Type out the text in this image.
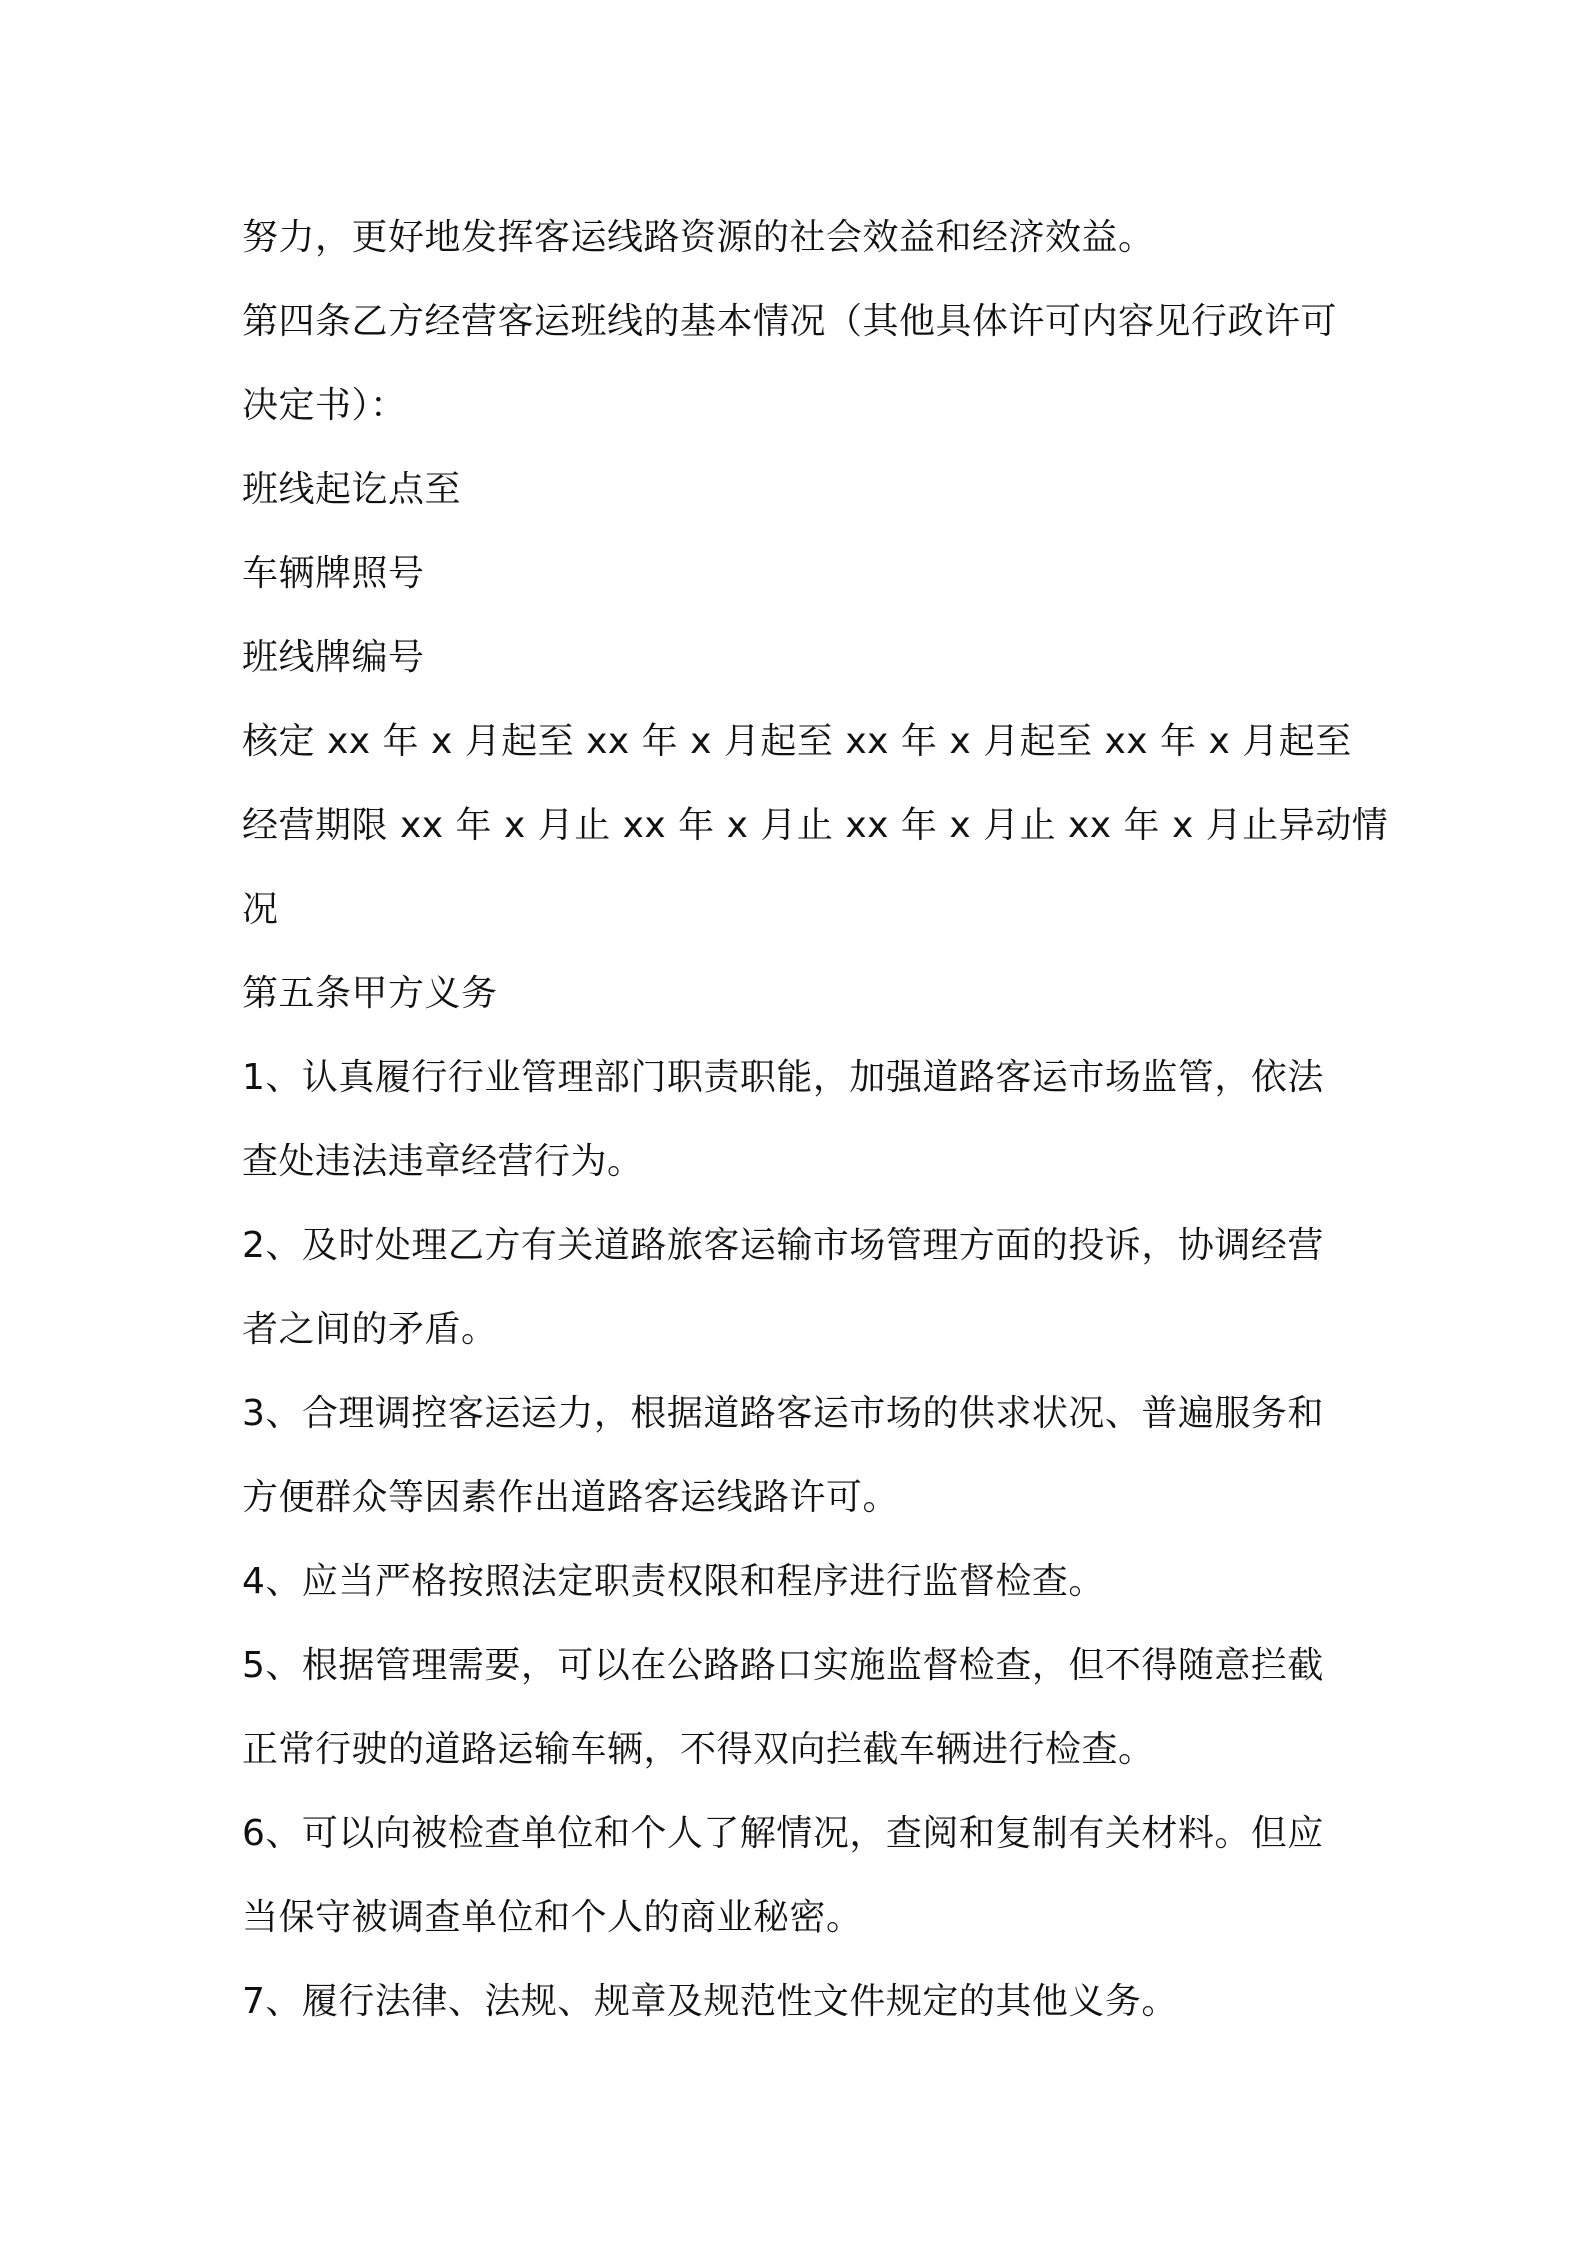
努力，更好地发挥客运线路资源的社会效益和经济效益。
第四条乙方经营客运班线的基本情况（其他具体许可内容见行政许可
决定书）：
班线起讫点至
车辆牌照号
班线牌编号
核定 xx 年 x 月起至 xx 年 x 月起至 xx 年 x 月起至 xx 年 x 月起至
经营期限 xx 年 x 月止 xx 年 x 月止 xx 年 x 月止 xx 年 x 月止异动情
况
第五条甲方义务
1、认真履行行业管理部门职责职能，加强道路客运市场监管，依法
查处违法违章经营行为。
2、及时处理乙方有关道路旅客运输市场管理方面的投诉，协调经营
者之间的矛盾。
3、合理调控客运运力，根据道路客运市场的供求状况、普遍服务和
方便群众等因素作出道路客运线路许可。
4、应当严格按照法定职责权限和程序进行监督检查。
5、根据管理需要，可以在公路路口实施监督检查，但不得随意拦截
正常行驶的道路运输车辆，不得双向拦截车辆进行检查。
6、可以向被检查单位和个人了解情况，查阅和复制有关材料。但应
当保守被调查单位和个人的商业秘密。
7、履行法律、法规、规章及规范性文件规定的其他义务。
